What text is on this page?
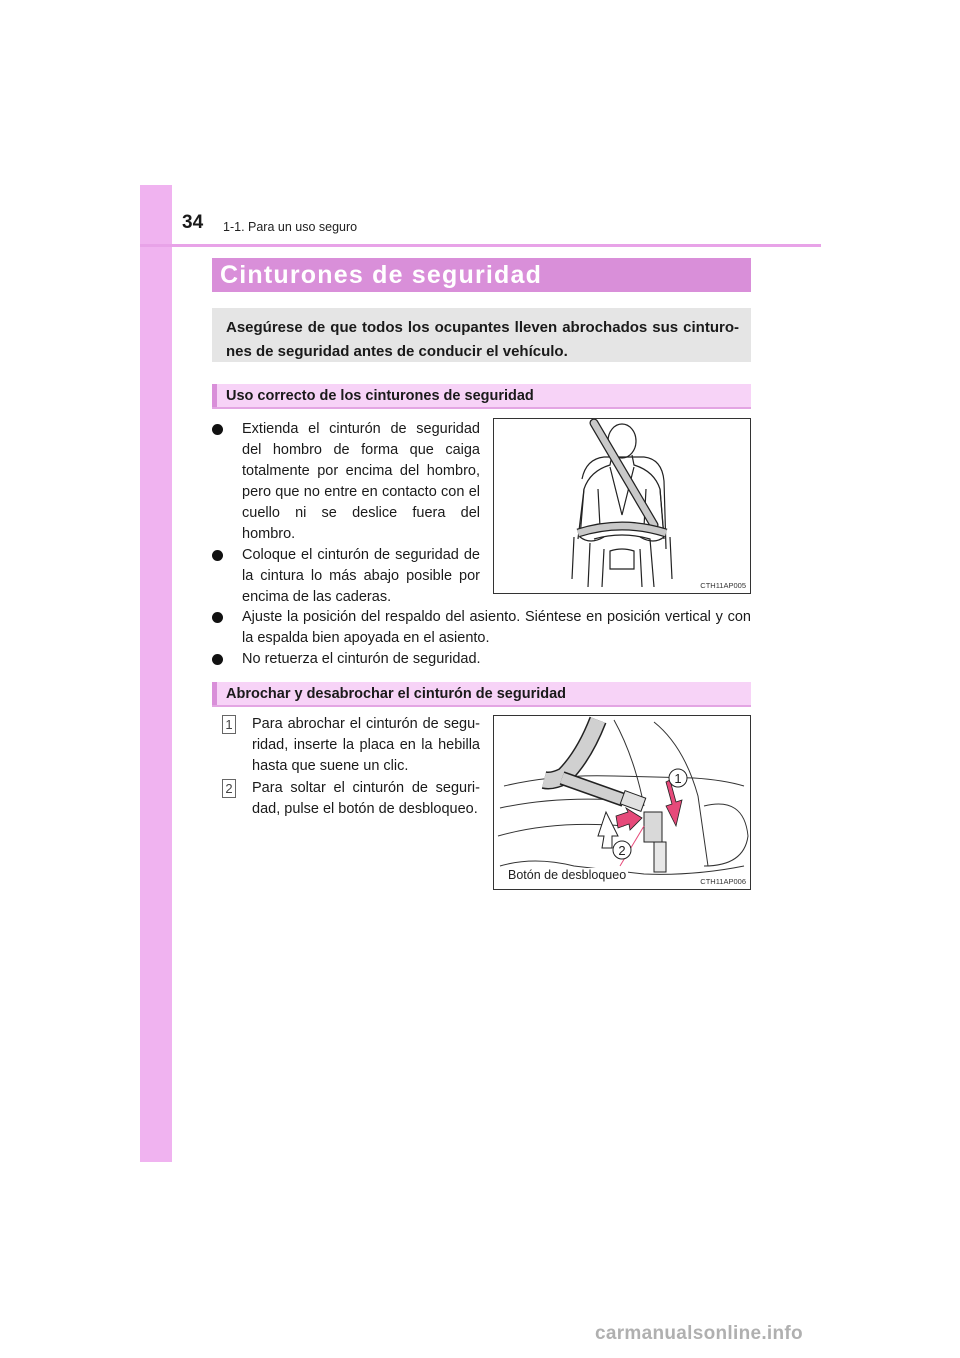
34 1-1. Para un uso seguro
Cinturones de seguridad

Asegúrese de que todos los ocupantes lleven abrochados sus cinturo-nes de seguridad antes de conducir el vehículo.

Uso correcto de los cinturones de seguridad
Extienda el cinturón de seguridad del hombro de forma que caiga totalmente por encima del hombro, pero que no entre en contacto con el cuello ni se deslice fuera del hombro.
Coloque el cinturón de seguridad de la cintura lo más abajo posible por encima de las caderas.
Ajuste la posición del respaldo del asiento. Siéntese en posición vertical y con la espalda bien apoyada en el asiento.
No retuerza el cinturón de seguridad.
CTH11AP005
Abrochar y desabrochar el cinturón de seguridad
1 Para abrochar el cinturón de segu-ridad, inserte la placa en la hebilla hasta que suene un clic.
2 Para soltar el cinturón de seguri-dad, pulse el botón de desbloqueo.
1
2
Botón de desbloqueo	CTH11AP006
carmanualsonline.info
